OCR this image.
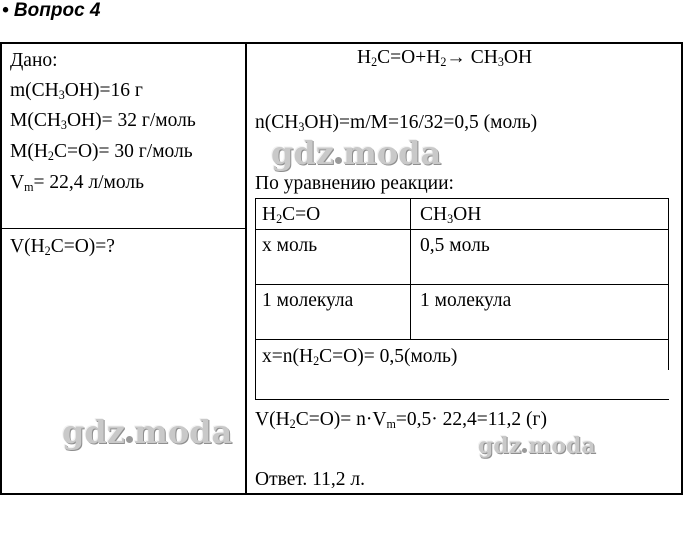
• Вопрос 4
Дано:
$m(CH_3OH)=16$ г
$M(CH_3OH)= 32$ г/моль
$M(H_2C=O)= 30$ г/моль
$V_m= 22,4$ л/моль
$V(H_2C=O)=$?
$H_2C=O+H_2\to CH_3OH$
$n(CH_3OH)=m/M=16/32=0,5$ (моль)
По уравнению реакции:
$H_2C=O$	$CH_3OH$
x моль	0,5 моль
1 молекула	1 молекула
$x=n(H_2C=O)=$ 0,5(моль)
$V(H_2C=O)= n\cdot V_m=0,5\cdot 22,4=11,2$ (г)
Ответ. 11,2 л.
gdz moda
gdz moda	gdz moda
